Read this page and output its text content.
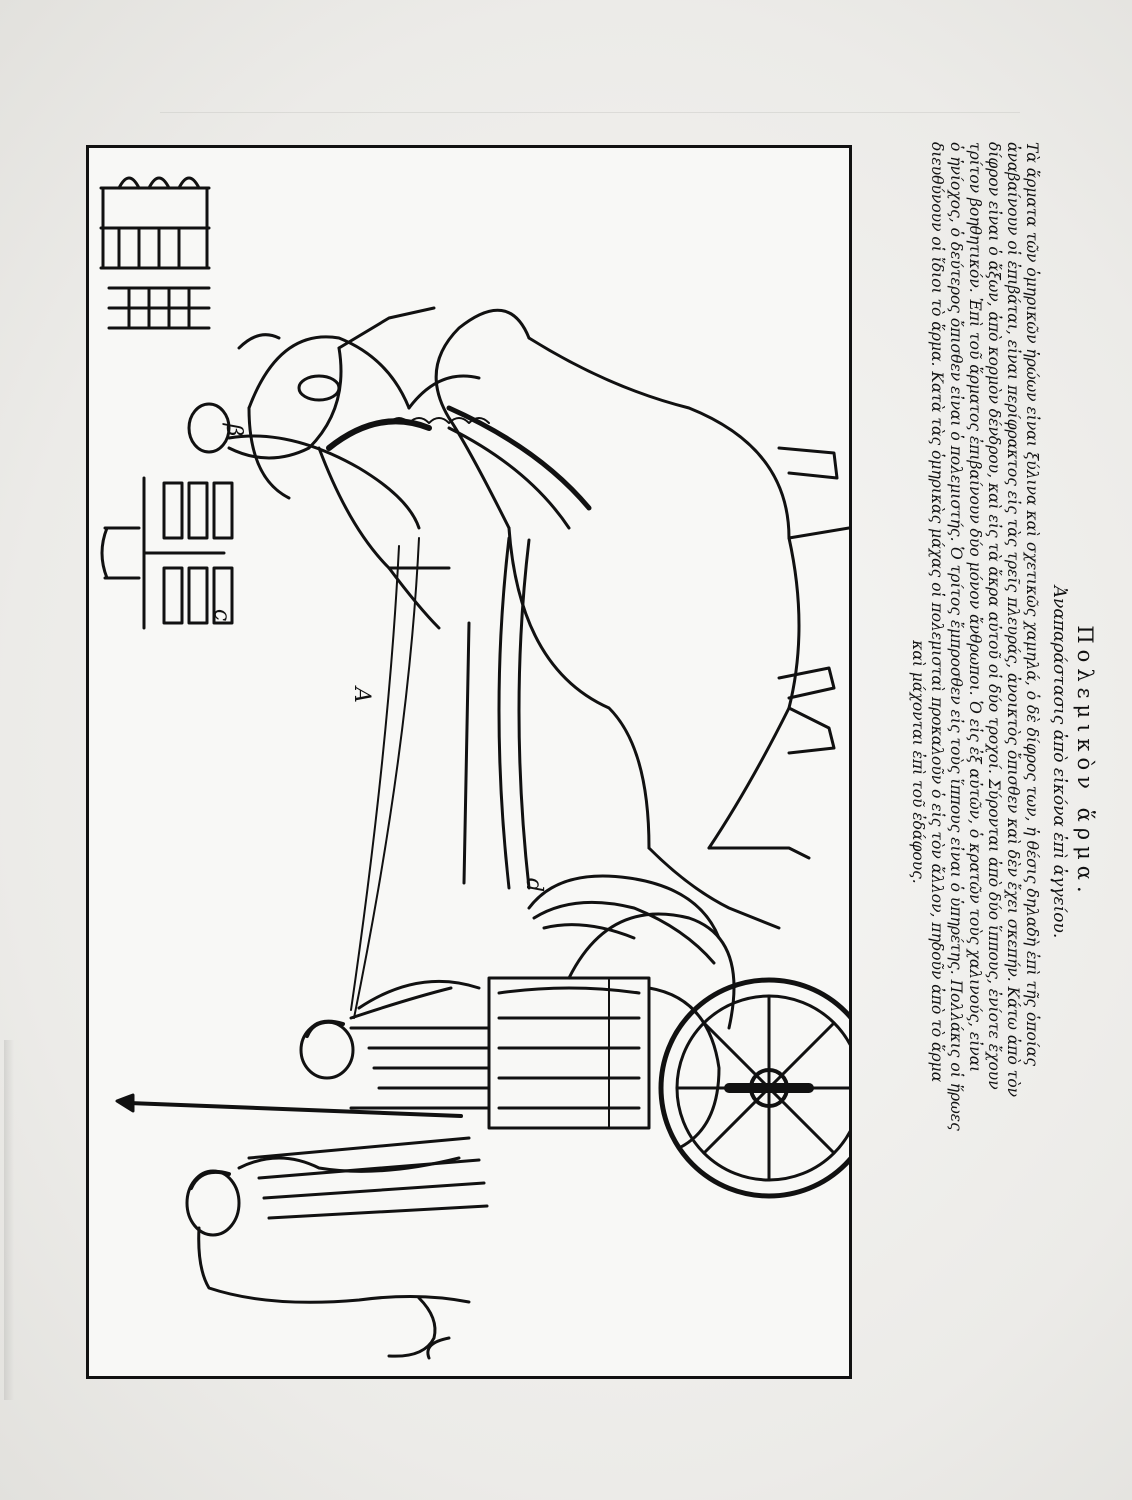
β
c
A
d	Πολεμικὸν ἅρμα.
Ἀναπαράστασις ἀπὸ εἰκόνα ἐπὶ ἀγγείου.

Τὰ ἅρματα τῶν ὁμηρικῶν ἡρώων εἶναι ξύλινα καὶ σχετικῶς χαμηλά, ὁ δὲ δίφρος των, ἡ θέσις δηλαδὴ ἐπὶ τῆς ὁποίας
ἀναβαίνουν οἱ ἐπιβάται, εἶναι περίφρακτος εἰς τὰς τρεῖς πλευράς, ἀνοικτὸς ὄπισθεν καὶ δὲν ἔχει σκεπήν. Κάτω ἀπὸ τὸν
δίφρον εἶναι ὁ ἄξων, ἀπὸ κορμὸν δένδρου, καὶ εἰς τὰ ἄκρα αὐτοῦ οἱ δύο τροχοί. Σύρονται ἀπὸ δύο ἵππους, ἐνίοτε ἔχουν
τρίτον βοηθητικόν. Ἐπὶ τοῦ ἅρματος ἐπιβαίνουν δύο μόνον ἄνθρωποι. Ὁ εἷς ἐξ αὐτῶν, ὁ κρατῶν τοὺς χαλινούς, εἶναι
ὁ ἡνίοχος, ὁ δεύτερος ὄπισθεν εἶναι ὁ πολεμιστής. Ὁ τρίτος ἔμπροσθεν εἰς τοὺς ἵππους εἶναι ὁ ὑπηρέτης. Πολλάκις οἱ ἥρωες
διευθύνουν οἱ ἴδιοι τὸ ἅρμα. Κατὰ τὰς ὁμηρικὰς μάχας οἱ πολεμισταὶ προκαλοῦν ὁ εἷς τὸν ἄλλον, πηδοῦν ἀπὸ τὸ ἅρμα
καὶ μάχονται ἐπὶ τοῦ ἐδάφους.
